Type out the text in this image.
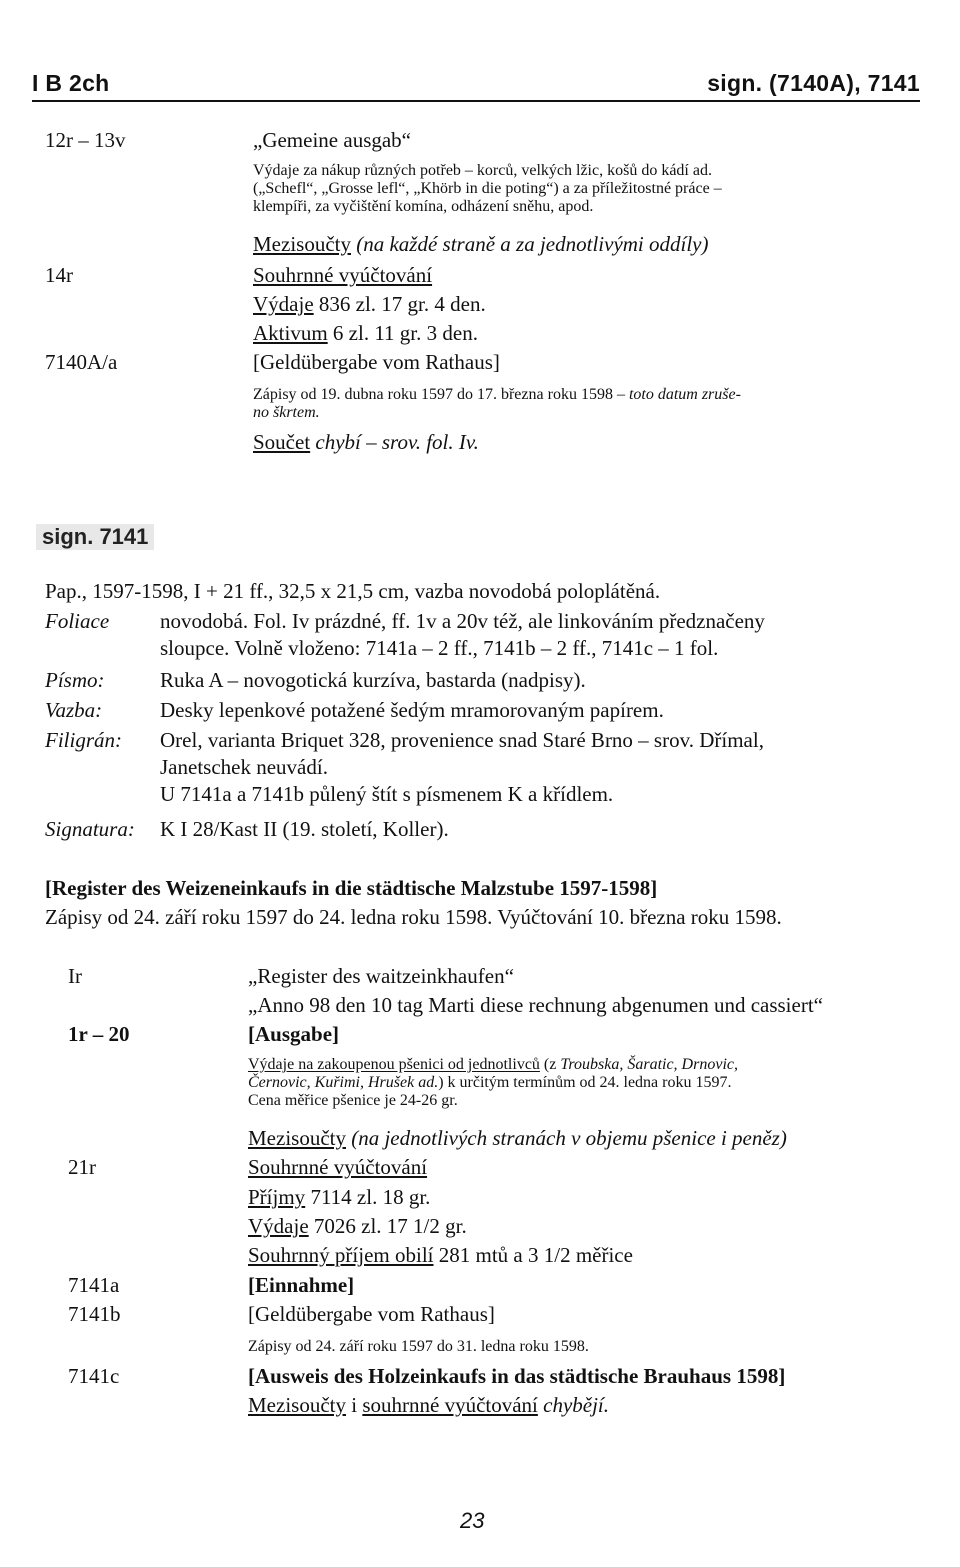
I B 2ch	sign. (7140A), 7141
12r – 13v	„Gemeine ausgab“
Výdaje za nákup různých potřeb – korců, velkých lžic, košů do kádí ad.
(„Schefl“, „Grosse lefl“, „Khörb in die poting“) a za příležitostné práce –
klempíři, za vyčištění komína, odházení sněhu, apod.
Mezisoučty (na každé straně a za jednotlivými oddíly)
14r	Souhrnné vyúčtování
Výdaje 836 zl. 17 gr. 4 den.
Aktivum 6 zl. 11 gr. 3 den.
7140A/a	[Geldübergabe vom Rathaus]
Zápisy od 19. dubna roku 1597 do 17. března roku 1598 – toto datum zruše-
no škrtem.
Součet chybí – srov. fol. Iv.
sign. 7141
Pap., 1597-1598, I + 21 ff., 32,5 x 21,5 cm, vazba novodobá poloplátěná.
Foliace novodobá. Fol. Iv prázdné, ff. 1v a 20v též, ale linkováním předznačeny
sloupce. Volně vloženo: 7141a – 2 ff., 7141b – 2 ff., 7141c – 1 fol.
Písmo:	Ruka A – novogotická kurzíva, bastarda (nadpisy).
Vazba:	Desky lepenkové potažené šedým mramorovaným papírem.
Filigrán: Orel, varianta Briquet 328, provenience snad Staré Brno – srov. Dřímal,
Janetschek neuvádí.
U 7141a a 7141b půlený štít s písmenem K a křídlem.
Signatura: K I 28/Kast II (19. století, Koller).
[Register des Weizeneinkaufs in die städtische Malzstube 1597-1598]
Zápisy od 24. září roku 1597 do 24. ledna roku 1598. Vyúčtování 10. března roku 1598.
Ir	„Register des waitzeinkhaufen“
„Anno 98 den 10 tag Marti diese rechnung abgenumen und cassiert“
1r – 20	[Ausgabe]
Výdaje na zakoupenou pšenici od jednotlivců (z Troubska, Šaratic, Drnovic,
Černovic, Kuřimi, Hrušek ad.) k určitým termínům od 24. ledna roku 1597.
Cena měřice pšenice je 24-26 gr.
Mezisoučty (na jednotlivých stranách v objemu pšenice i peněz)
21r	Souhrnné vyúčtování
Příjmy 7114 zl. 18 gr.
Výdaje 7026 zl. 17 1/2 gr.
Souhrnný příjem obilí 281 mtů a 3 1/2 měřice
7141a	[Einnahme]
7141b	[Geldübergabe vom Rathaus]
Zápisy od 24. září roku 1597 do 31. ledna roku 1598.
7141c	[Ausweis des Holzeinkaufs in das städtische Brauhaus 1598]
Mezisoučty i souhrnné vyúčtování chybějí.
23
